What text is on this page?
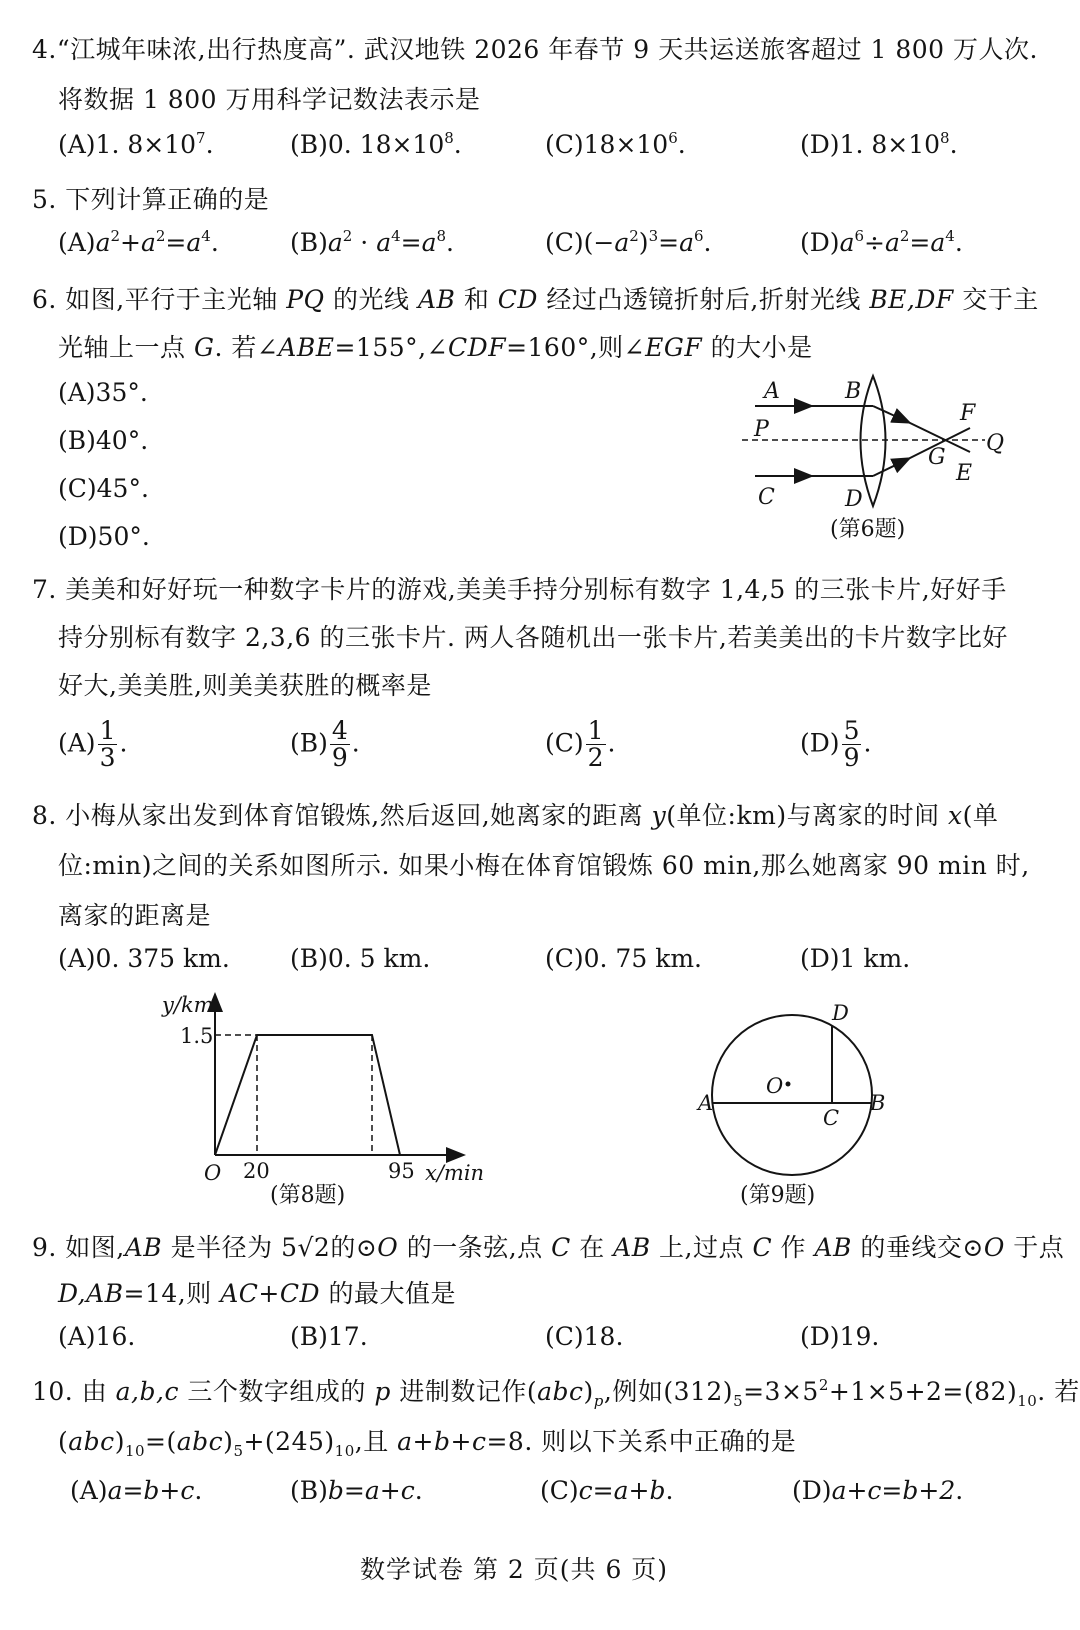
4.“江城年味浓,出行热度高”. 武汉地铁 2026 年春节 9 天共运送旅客超过 1 800 万人次.
将数据 1 800 万用科学记数法表示是
(A)1. $8\times 10^7$.	(B)0. $18\times 10^8$.	$(C)18\times 10^6$.	(D)1. $8\times 10^8$.
5. 下列计算正确的是
$(A)a^2+a^2=a^4$.	$(B)a^2 \cdot a^4=a^8$.	$(C)(-a^2)^3=a^6$.	$(D)a^6\div a^2=a^4$.
6. 如图,平行于主光轴 PQ 的光线 AB 和 CD 经过凸透镜折射后,折射光线 BE,DF 交于主
光轴上一点 G. 若∠ABE=155°,∠CDF=160°,则∠EGF 的大小是
(A)35°.
(B)40°.
(C)45°.
(D)50°.
A	B
C	D
P
Q
G
F
E
(第6题)
7. 美美和好好玩一种数字卡片的游戏,美美手持分别标有数字 1,4,5 的三张卡片,好好手
持分别标有数字 2,3,6 的三张卡片. 两人各随机出一张卡片,若美美出的卡片数字比好
好大,美美胜,则美美获胜的概率是
$(A) \frac{1}{3}$ .	$(B) \frac{4}{9}$ .	$(C) \frac{1}{2}$ .	$(D) \frac{5}{9}$ .
8. 小梅从家出发到体育馆锻炼,然后返回,她离家的距离 y(单位:km)与离家的时间 x(单
位:min)之间的关系如图所示. 如果小梅在体育馆锻炼 60 min,那么她离家 90 min 时,
离家的距离是
(A)0. 375 km. (B)0. 5 km.	(C)0. 75 km.	(D)1 km.
y/km
1.5
O 20	95 x/min
(第8题)
A	B
C
D
O
(第9题)
9. 如图,AB 是半径为 5√2的⊙O 的一条弦,点 C 在 AB 上,过点 C 作 AB 的垂线交⊙O 于点
D,AB=14,则 AC+CD 的最大值是
(A)16.	(B)17.	(C)18.	(D)19.
10. 由 a,b,c 三个数字组成的 p 进制数记作$(abc)_p$,例如$(312)_5=3\times 5^2+1\times 5+2=(82)_{10}$. 若
$(abc)_{10}=(abc)_5+(245)_{10}$,且 a+b+c=8. 则以下关系中正确的是
(A)a=b+c.	(B)b=a+c.	(C)c=a+b.	(D)a+c=b+2.
数学试卷 第 2 页(共 6 页)
